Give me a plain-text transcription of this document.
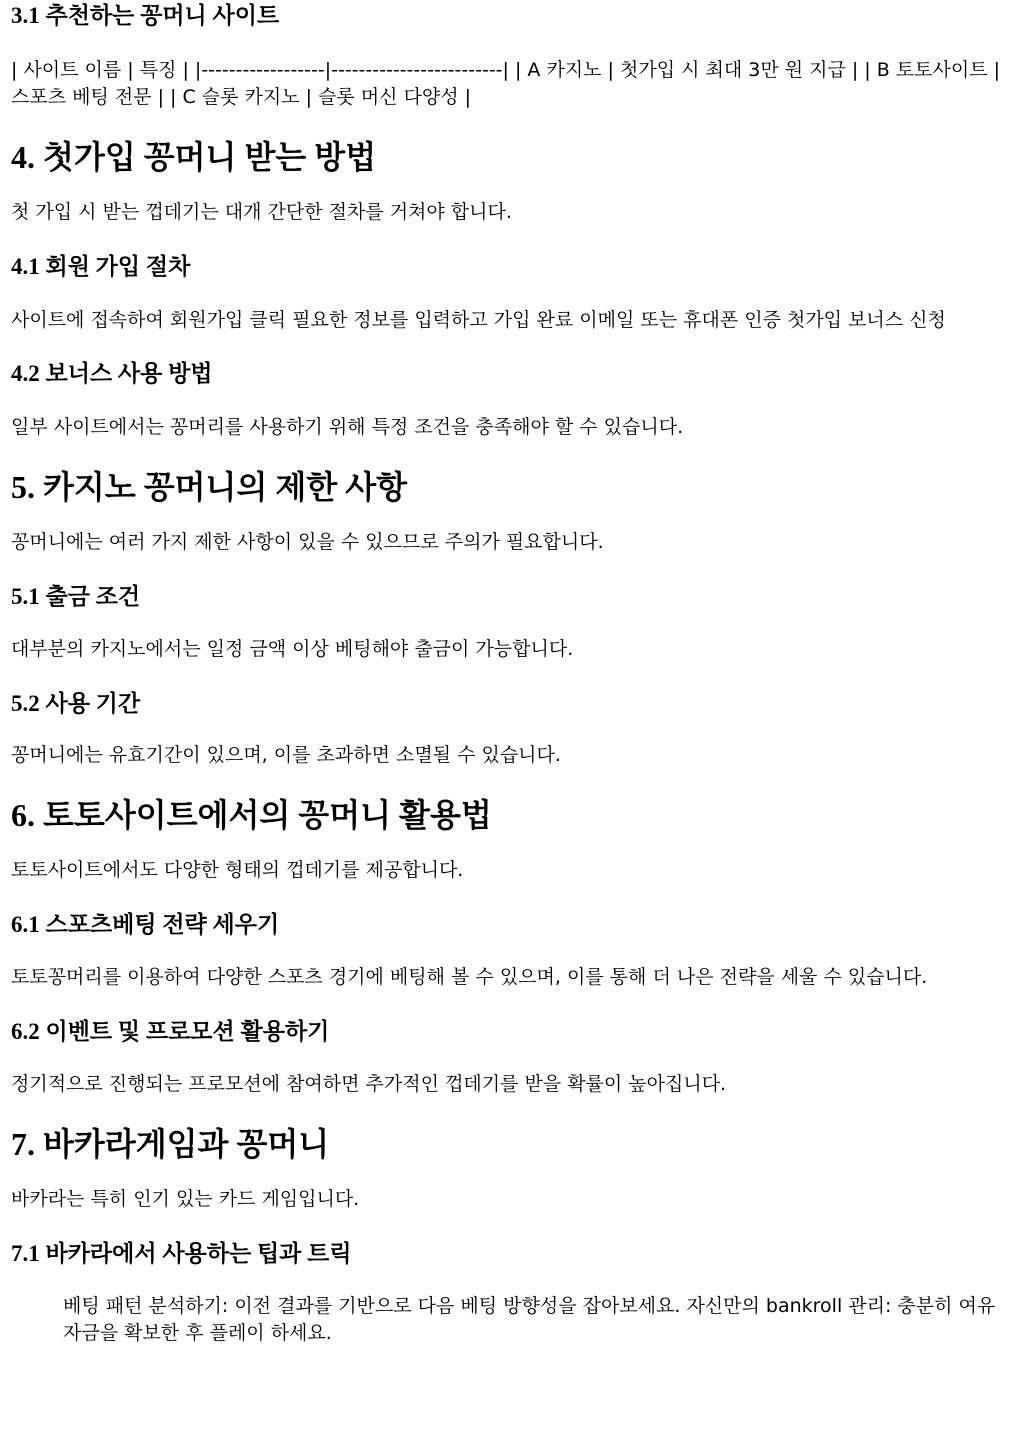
3.1 추천하는 꽁머니 사이트

| 사이트 이름 | 특징 | |------------------|-------------------------| | A 카지노 | 첫가입 시 최대 3만 원 지급 | | B 토토사이트 | 스포츠 베팅 전문 | | C 슬롯 카지노 | 슬롯 머신 다양성 |

4. 첫가입 꽁머니 받는 방법

첫 가입 시 받는 껍데기는 대개 간단한 절차를 거쳐야 합니다.

4.1 회원 가입 절차

사이트에 접속하여 회원가입 클릭 필요한 정보를 입력하고 가입 완료 이메일 또는 휴대폰 인증 첫가입 보너스 신청

4.2 보너스 사용 방법

일부 사이트에서는 꽁머리를 사용하기 위해 특정 조건을 충족해야 할 수 있습니다.

5. 카지노 꽁머니의 제한 사항

꽁머니에는 여러 가지 제한 사항이 있을 수 있으므로 주의가 필요합니다.

5.1 출금 조건

대부분의 카지노에서는 일정 금액 이상 베팅해야 출금이 가능합니다.

5.2 사용 기간

꽁머니에는 유효기간이 있으며, 이를 초과하면 소멸될 수 있습니다.

6. 토토사이트에서의 꽁머니 활용법

토토사이트에서도 다양한 형태의 껍데기를 제공합니다.

6.1 스포츠베팅 전략 세우기

토토꽁머리를 이용하여 다양한 스포츠 경기에 베팅해 볼 수 있으며, 이를 통해 더 나은 전략을 세울 수 있습니다.

6.2 이벤트 및 프로모션 활용하기

정기적으로 진행되는 프로모션에 참여하면 추가적인 껍데기를 받을 확률이 높아집니다.

7. 바카라게임과 꽁머니

바카라는 특히 인기 있는 카드 게임입니다.

7.1 바카라에서 사용하는 팁과 트릭

베팅 패턴 분석하기: 이전 결과를 기반으로 다음 베팅 방향성을 잡아보세요. 자신만의 bankroll 관리: 충분히 여유 자금을 확보한 후 플레이 하세요.
